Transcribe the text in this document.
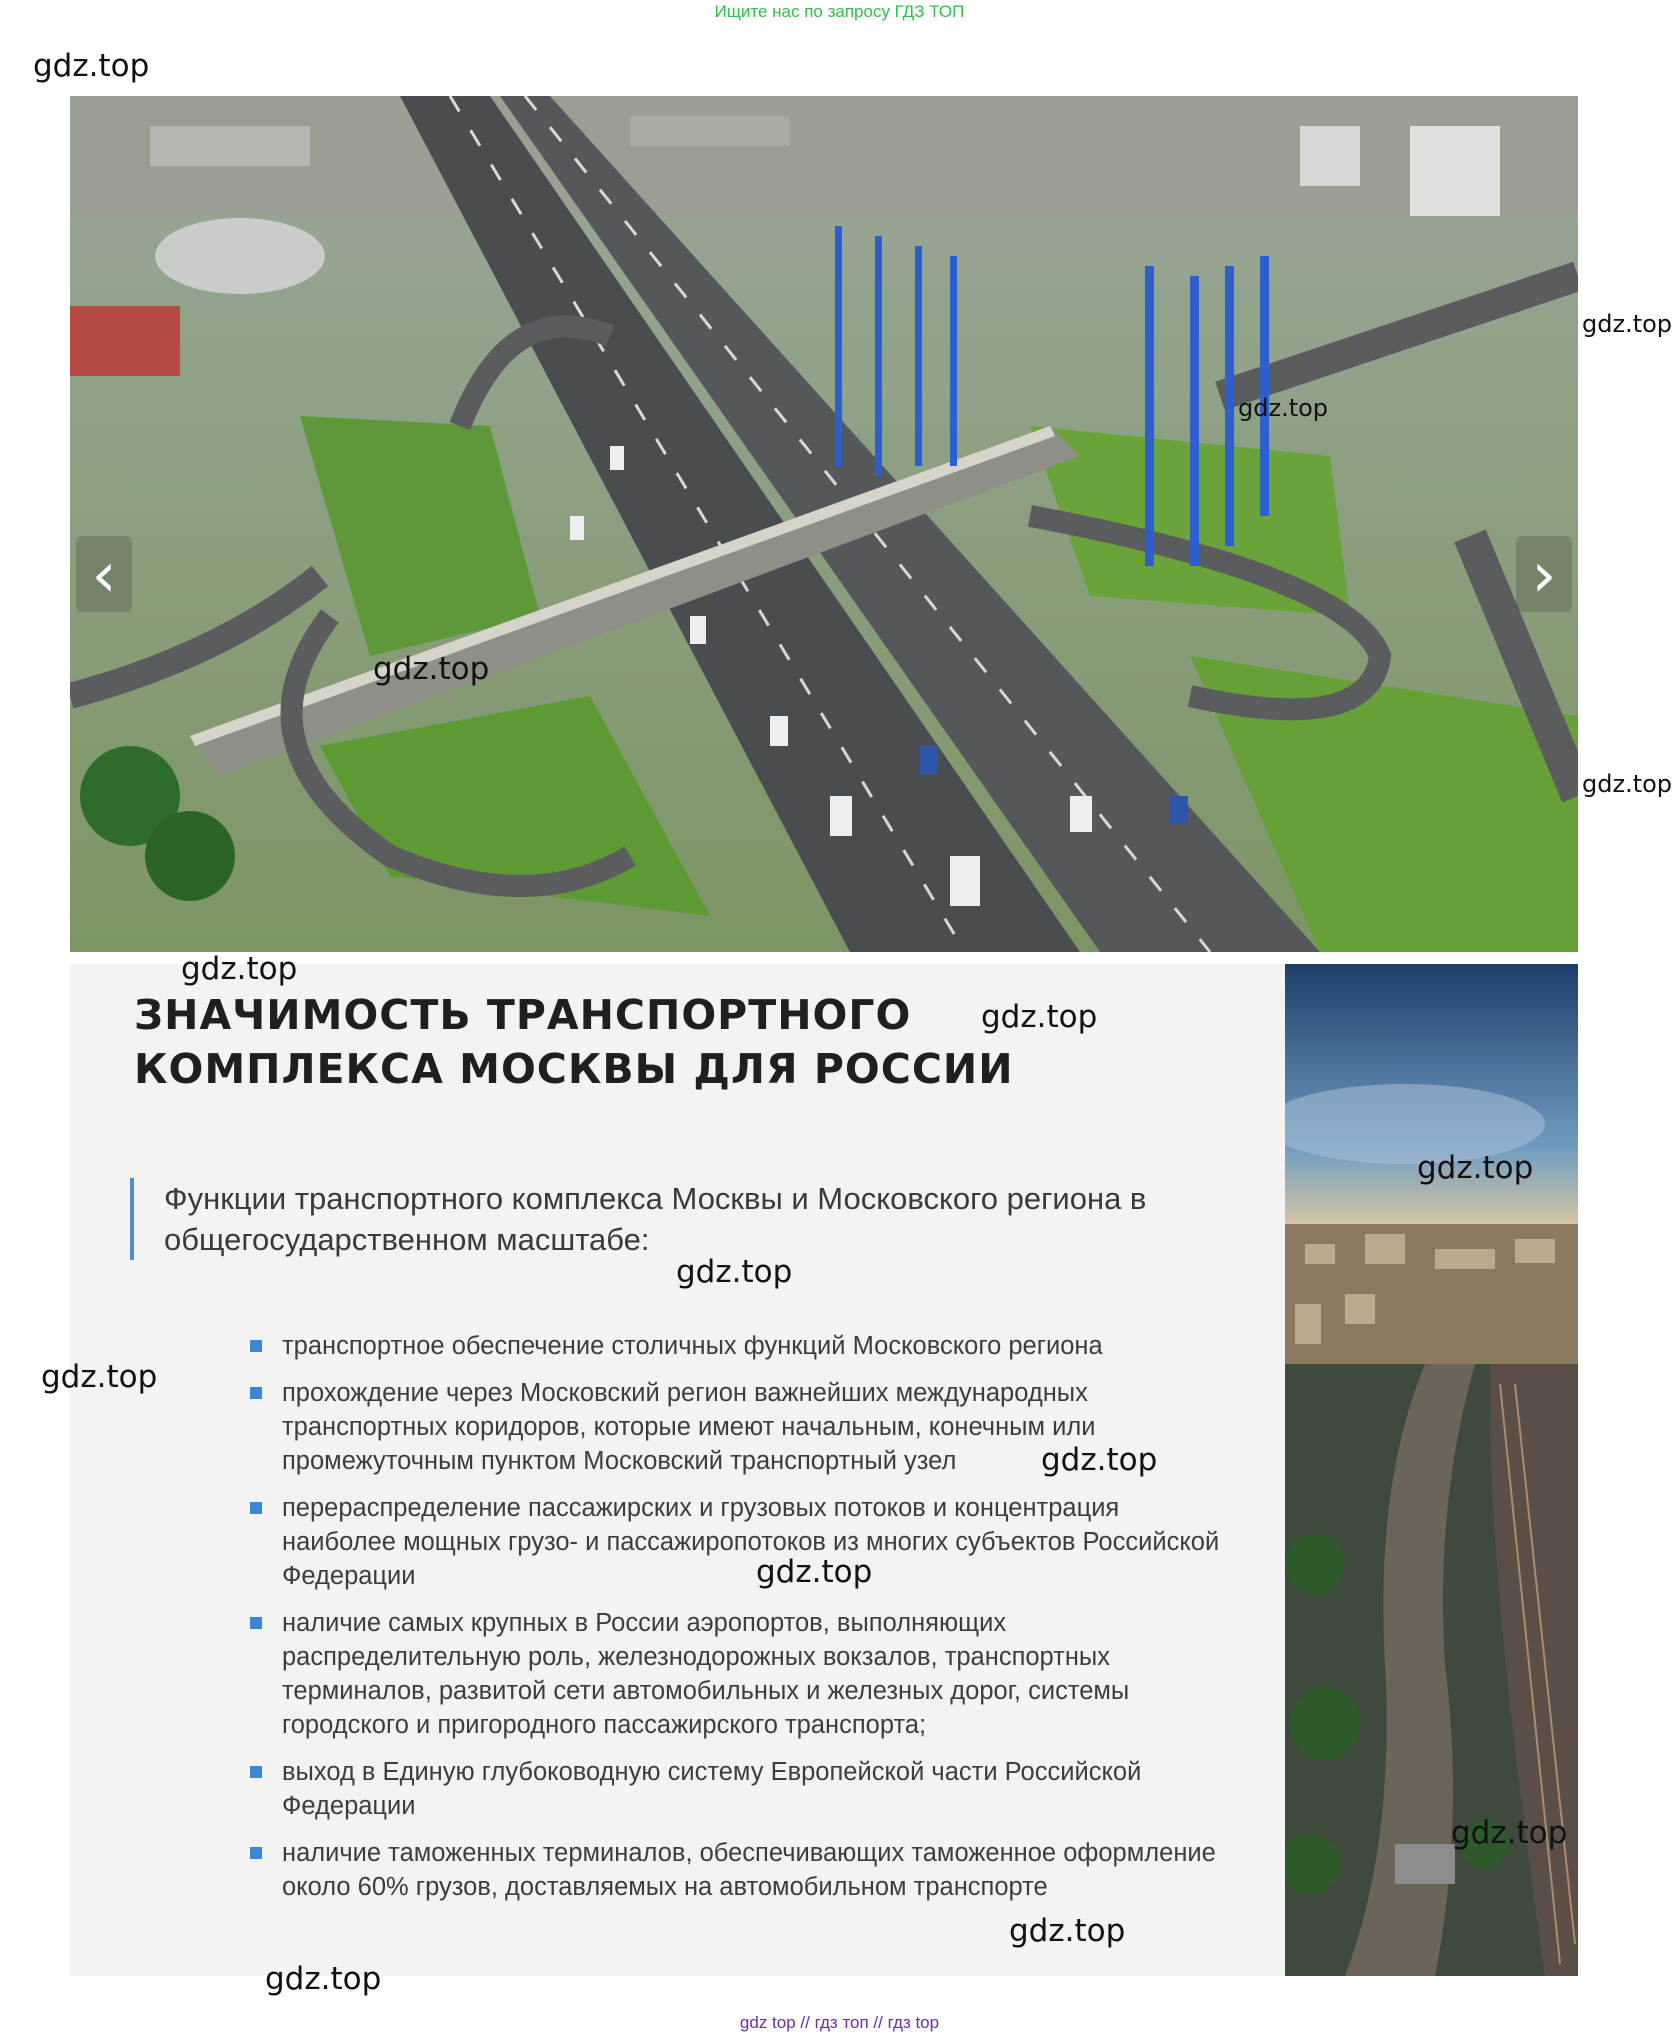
Ищите нас по запросу ГДЗ ТОП
‹	›
ЗНАЧИМОСТЬ ТРАНСПОРТНОГО
КОМПЛЕКСА МОСКВЫ ДЛЯ РОССИИ
Функции транспортного комплекса Москвы и Московского региона в общегосударственном масштабе:
транспортное обеспечение столичных функций Московского региона
прохождение через Московский регион важнейших международных транспортных коридоров, которые имеют начальным, конечным или промежуточным пунктом Московский транспортный узел
перераспределение пассажирских и грузовых потоков и концентрация наиболее мощных грузо- и пассажиропотоков из многих субъектов Российской Федерации
наличие самых крупных в России аэропортов, выполняющих распределительную роль, железнодорожных вокзалов, транспортных терминалов, развитой сети автомобильных и железных дорог, системы городского и пригородного пассажирского транспорта;
выход в Единую глубоководную систему Европейской части Российской Федерации
наличие таможенных терминалов, обеспечивающих таможенное оформление около 60% грузов, доставляемых на автомобильном транспорте
gdz.top
gdz.top
gdz.top
gdz.top
gdz.top
gdz.top
gdz.top
gdz.top
gdz.top
gdz.top
gdz.top
gdz.top
gdz.top
gdz.top
gdz.top
gdz top // гдз топ // гдз top
